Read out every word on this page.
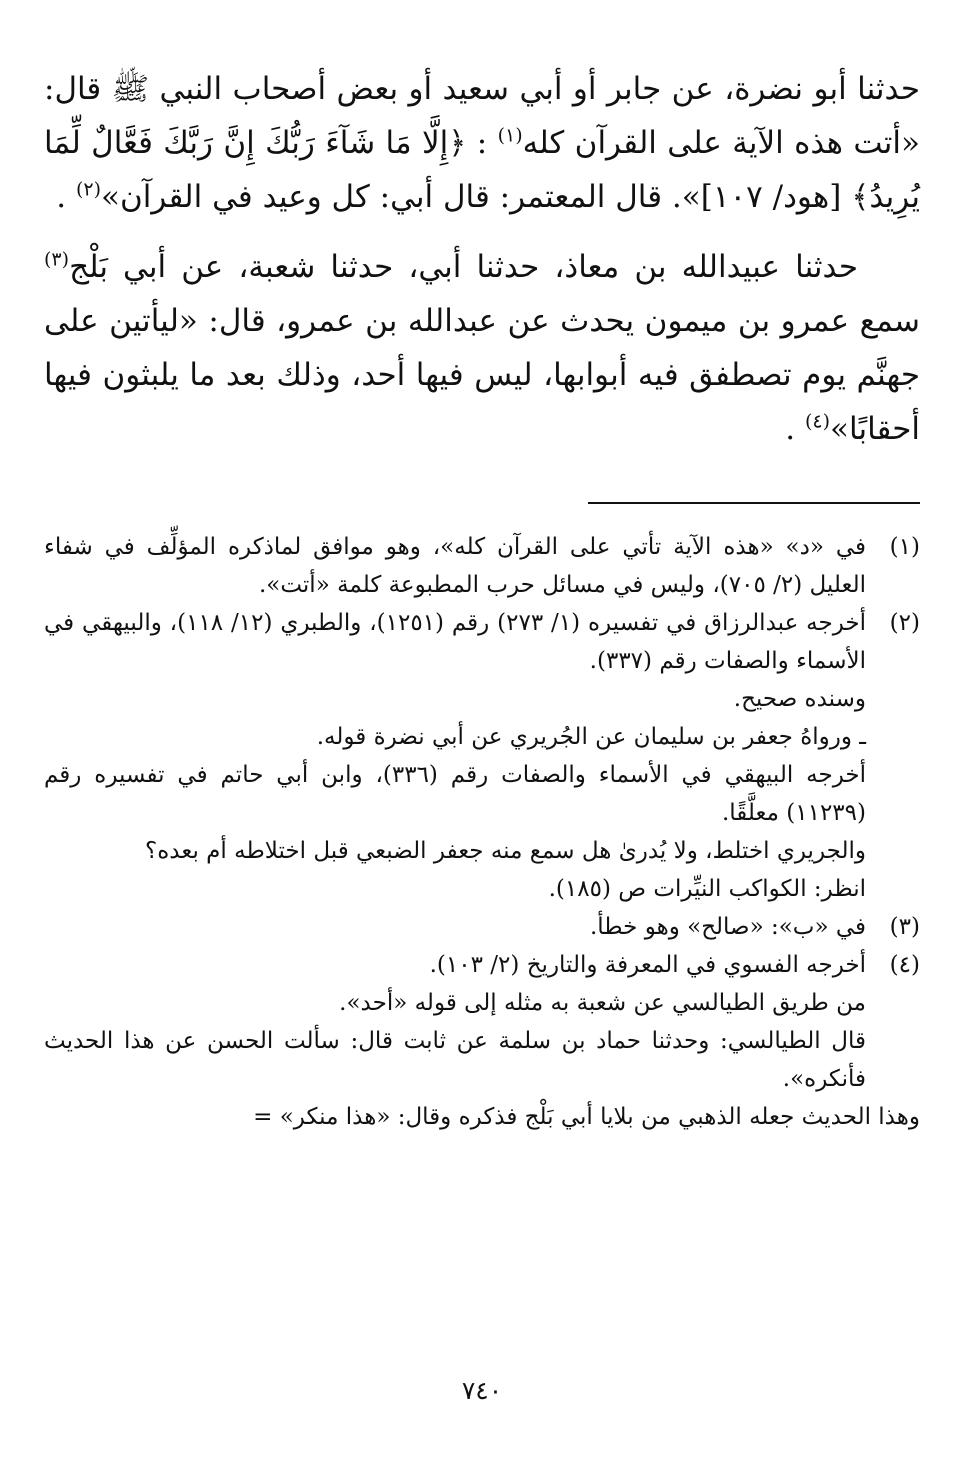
حدثنا أبو نضرة، عن جابر أو أبي سعيد أو بعض أصحاب النبي ﷺ قال: «أتت هذه الآية على القرآن كله$^{(١)}$ : ﴿إِلَّا مَا شَآءَ رَبُّكَ إِنَّ رَبَّكَ فَعَّالٌ لِّمَا يُرِيدُ﴾ [هود/ ١٠٧]». قال المعتمر: قال أبي: كل وعيد في القرآن»$^{(٢)}$ .

حدثنا عبيدالله بن معاذ، حدثنا أبي، حدثنا شعبة، عن أبي بَلْج$^{(٣)}$ سمع عمرو بن ميمون يحدث عن عبدالله بن عمرو، قال: «ليأتين على جهنَّم يوم تصطفق فيه أبوابها، ليس فيها أحد، وذلك بعد ما يلبثون فيها أحقابًا»$^{(٤)}$ .

(١)

في «د» «هذه الآية تأتي على القرآن كله»، وهو موافق لماذكره المؤلِّف في شفاء العليل (٢/ ٧٠٥)، وليس في مسائل حرب المطبوعة كلمة «أتت».

(٢)

أخرجه عبدالرزاق في تفسيره (١/ ٢٧٣) رقم (١٢٥١)، والطبري (١٢/ ١١٨)، والبيهقي في الأسماء والصفات رقم (٣٣٧).

وسنده صحيح.

ـ ورواهُ جعفر بن سليمان عن الجُريري عن أبي نضرة قوله.

أخرجه البيهقي في الأسماء والصفات رقم (٣٣٦)، وابن أبي حاتم في تفسيره رقم (١١٢٣٩) معلَّقًا.

والجريري اختلط، ولا يُدرىٰ هل سمع منه جعفر الضبعي قبل اختلاطه أم بعده؟

انظر: الكواكب النيِّرات ص (١٨٥).

(٣)

في «ب»: «صالح» وهو خطأ.

(٤)

أخرجه الفسوي في المعرفة والتاريخ (٢/ ١٠٣).

من طريق الطيالسي عن شعبة به مثله إلى قوله «أحد».

قال الطيالسي: وحدثنا حماد بن سلمة عن ثابت قال: سألت الحسن عن هذا الحديث فأنكره».

وهذا الحديث جعله الذهبي من بلايا أبي بَلْج فذكره وقال: «هذا منكر» =

٧٤٠
